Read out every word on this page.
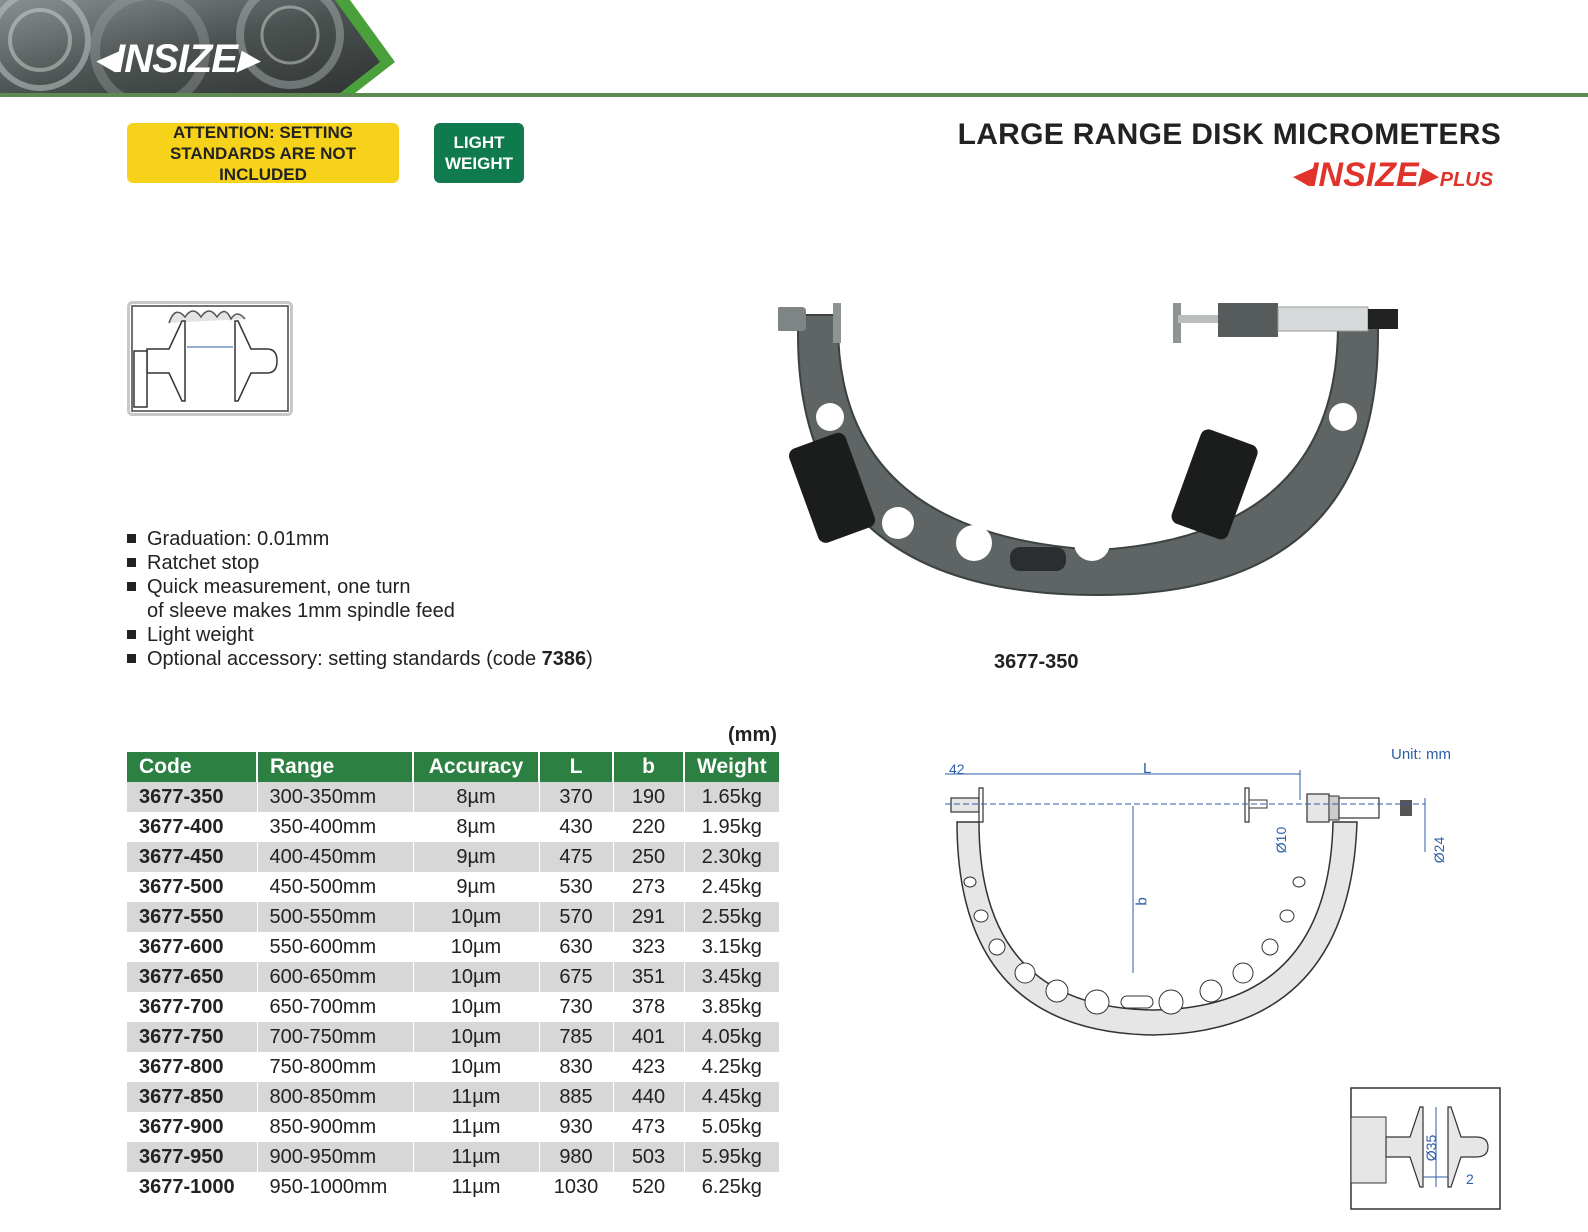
◂INSIZE▸
ATTENTION: SETTING
STANDARDS ARE NOT INCLUDED
LIGHT
WEIGHT
LARGE RANGE DISK MICROMETERS
◂INSIZE▸ PLUS
Graduation: 0.01mm
Ratchet stop
Quick measurement, one turn
of sleeve makes 1mm spindle feed
Light weight
Optional accessory: setting standards (code 7386)	3677-350
(mm)
Code	Range	Accuracy	L	b	Weight
3677-350	300-350mm	8µm	370	190	1.65kg
3677-400	350-400mm	8µm	430	220	1.95kg
3677-450	400-450mm	9µm	475	250	2.30kg
3677-500	450-500mm	9µm	530	273	2.45kg
3677-550	500-550mm	10µm	570	291	2.55kg
3677-600	550-600mm	10µm	630	323	3.15kg
3677-650	600-650mm	10µm	675	351	3.45kg
3677-700	650-700mm	10µm	730	378	3.85kg
3677-750	700-750mm	10µm	785	401	4.05kg
3677-800	750-800mm	10µm	830	423	4.25kg
3677-850	800-850mm	11µm	885	440	4.45kg
3677-900	850-900mm	11µm	930	473	5.05kg
3677-950	900-950mm	11µm	980	503	5.95kg
3677-1000	950-1000mm	11µm	1030	520	6.25kg
Unit: mm
42	L
b
Ø10	Ø24
Ø35
2
